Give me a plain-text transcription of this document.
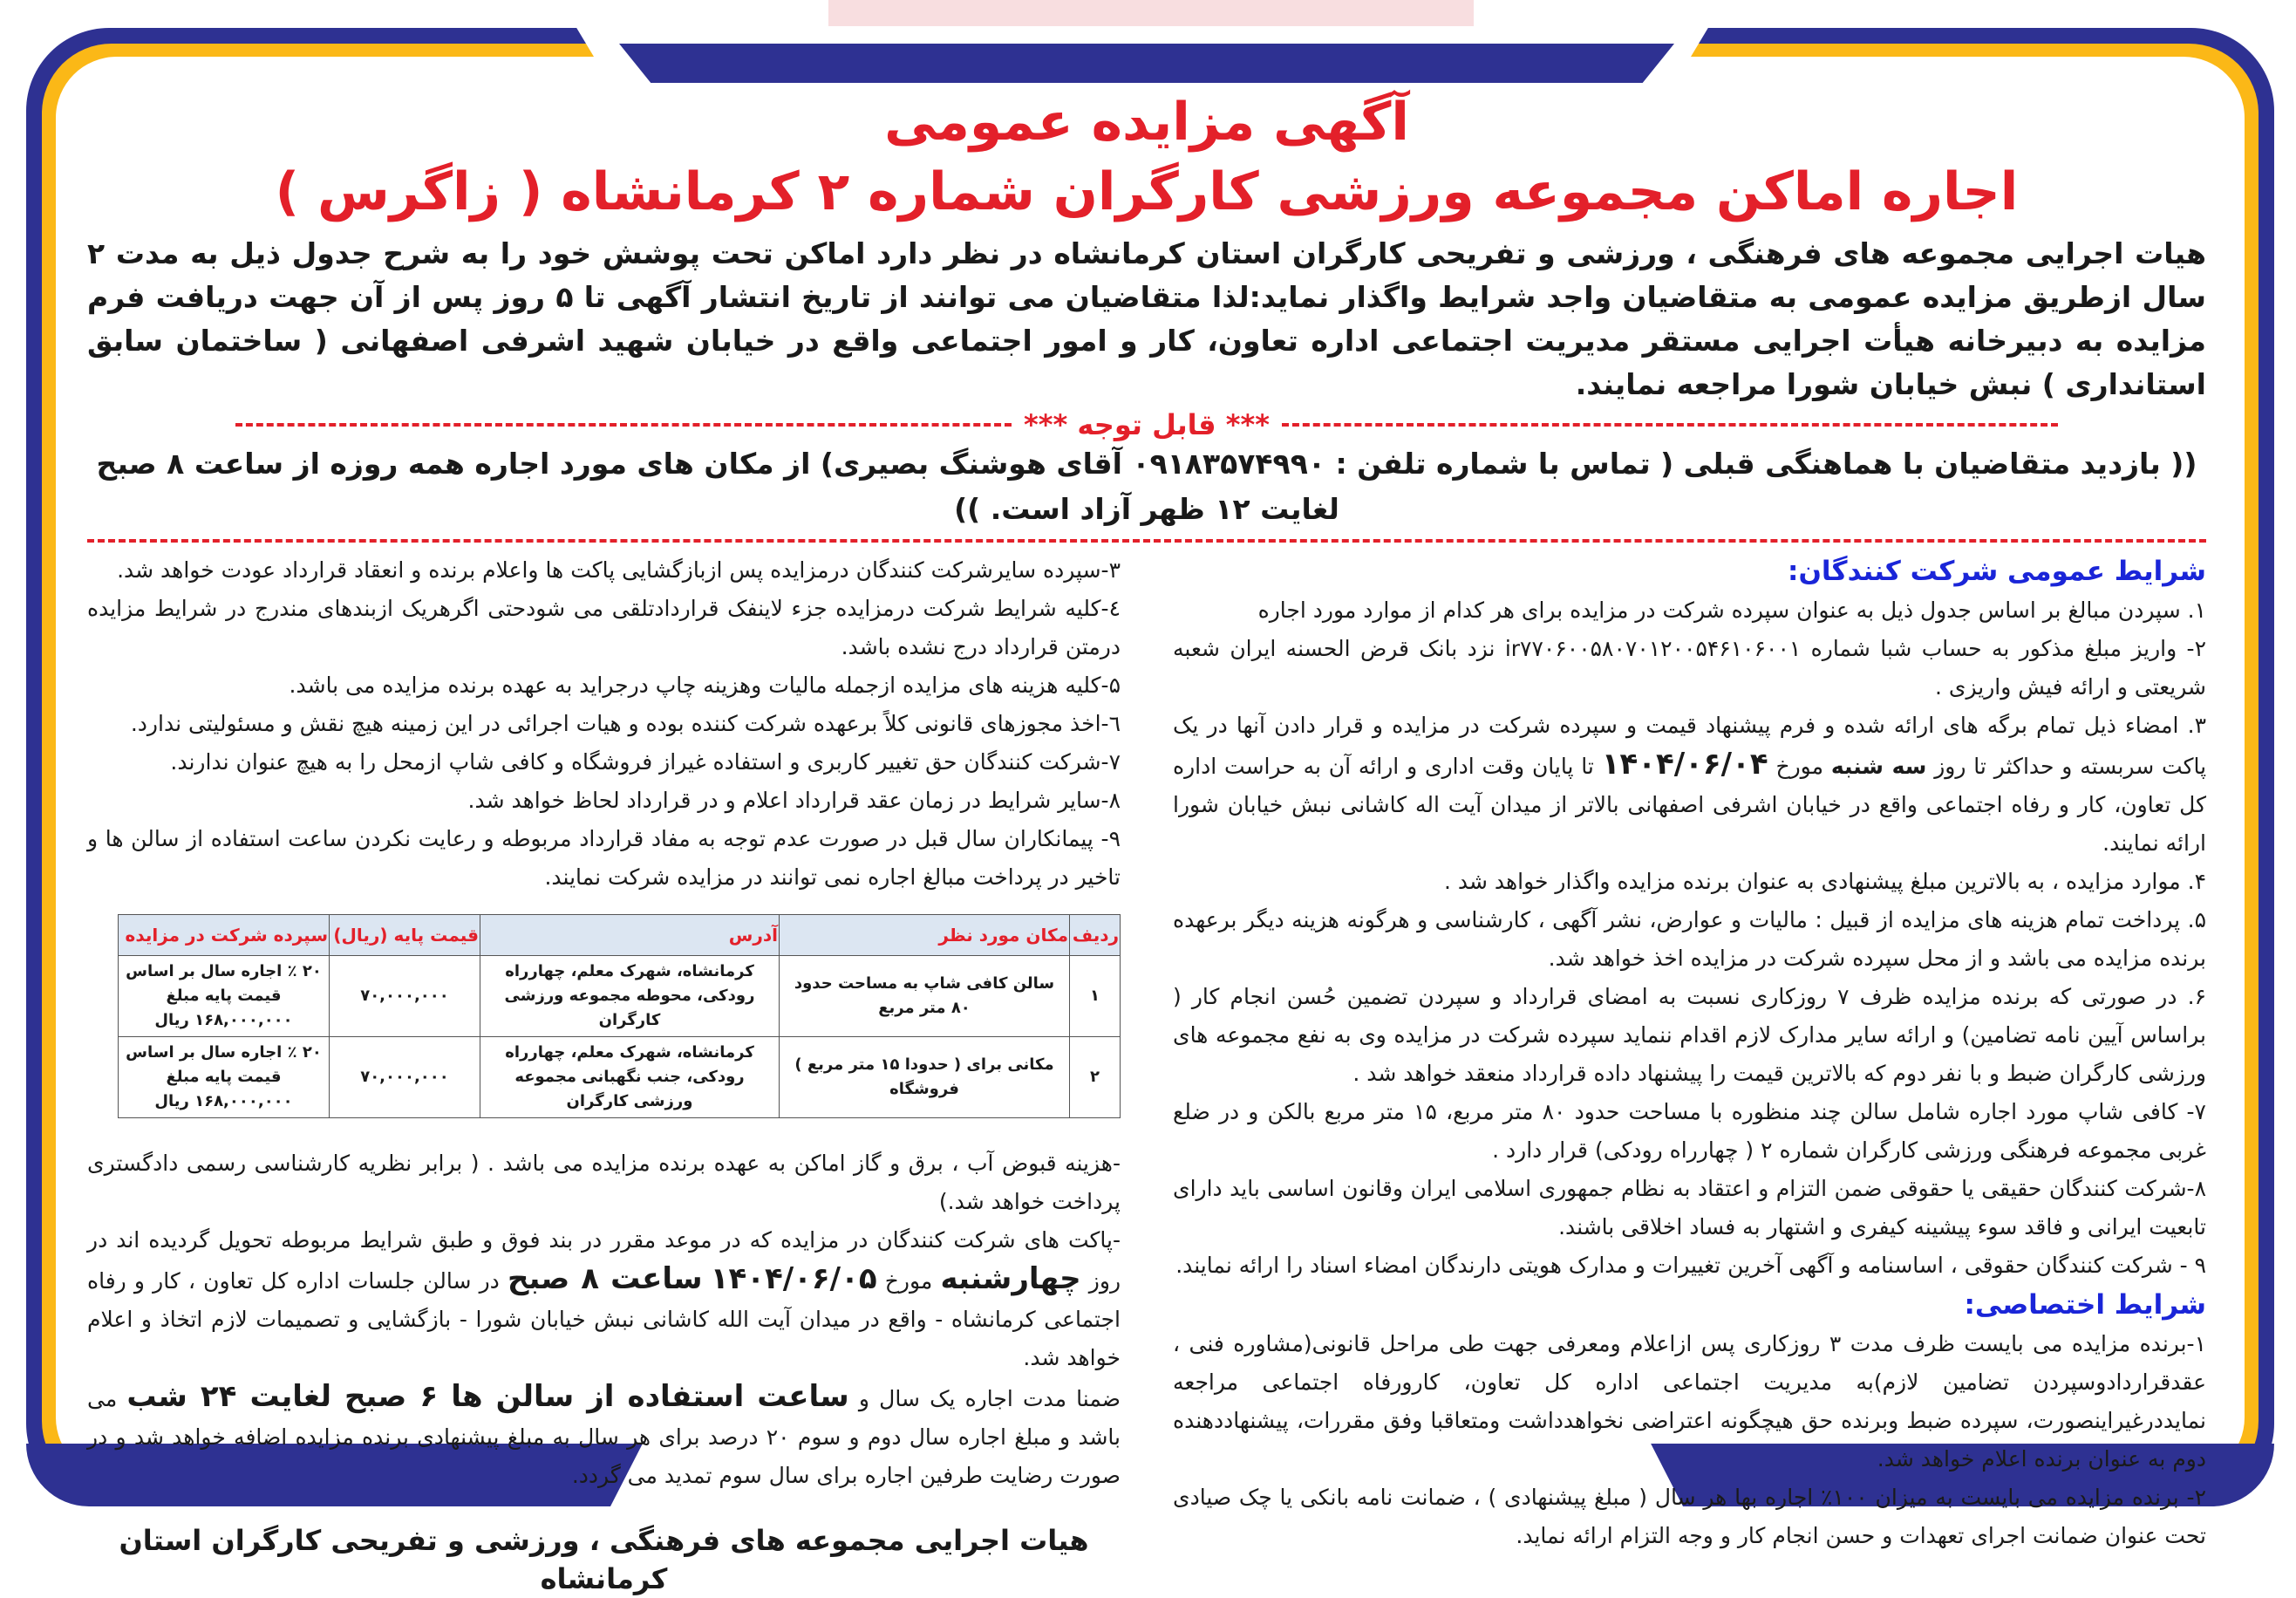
آگهی مزایده عمومی
اجاره اماکن مجموعه ورزشی کارگران شماره ۲ کرمانشاه ( زاگرس )

هیات اجرایی مجموعه های فرهنگی ، ورزشی و تفریحی کارگران استان کرمانشاه در نظر دارد اماکن تحت پوشش خود را به شرح جدول ذیل به مدت ۲ سال ازطریق مزایده عمومی به متقاضیان واجد شرایط واگذار نماید:لذا متقاضیان می توانند از تاریخ انتشار آگهی تا ۵ روز پس از آن جهت دریافت فرم مزایده به دبیرخانه هیأت اجرایی مستقر مدیریت اجتماعی اداره تعاون، کار و امور اجتماعی واقع در خیابان شهید اشرفی اصفهانی ( ساختمان سابق استانداری ) نبش خیابان شورا مراجعه نمایند.

*** قابل توجه ***

(( بازدید متقاضیان با هماهنگی قبلی ( تماس با شماره تلفن : ۰۹۱۸۳۵۷۴۹۹۰ آقای هوشنگ بصیری) از مکان های مورد اجاره همه روزه از ساعت ۸ صبح لغایت ۱۲ ظهر آزاد است. ))

شرایط عمومی شرکت کنندگان:

۱. سپردن مبالغ بر اساس جدول ذیل به عنوان سپرده شرکت در مزایده برای هر کدام از موارد مورد اجاره

۲- واریز مبلغ مذکور به حساب شبا شماره ir۷۷۰۶۰۰۵۸۰۷۰۱۲۰۰۵۴۶۱۰۶۰۰۱ نزد بانک قرض الحسنه ایران شعبه شریعتی و ارائه فیش واریزی .

۳. امضاء ذیل تمام برگه های ارائه شده و فرم پیشنهاد قیمت و سپرده شرکت در مزایده و قرار دادن آنها در یک پاکت سربسته و حداکثر تا روز سه شنبه مورخ ۱۴۰۴/۰۶/۰۴ تا پایان وقت اداری و ارائه آن به حراست اداره کل تعاون، کار و رفاه اجتماعی واقع در خیابان اشرفی اصفهانی بالاتر از میدان آیت اله کاشانی نبش خیابان شورا ارائه نمایند.

۴. موارد مزایده ، به بالاترین مبلغ پیشنهادی به عنوان برنده مزایده واگذار خواهد شد .

۵. پرداخت تمام هزینه های مزایده از قبیل : مالیات و عوارض، نشر آگهی ، کارشناسی و هرگونه هزینه دیگر برعهده برنده مزایده می باشد و از محل سپرده شرکت در مزایده اخذ خواهد شد.

۶. در صورتی که برنده مزایده ظرف ۷ روزکاری نسبت به امضای قرارداد و سپردن تضمین حُسن انجام کار ( براساس آیین نامه تضامین) و ارائه سایر مدارک لازم اقدام ننماید سپرده شرکت در مزایده وی به نفع مجموعه های ورزشی کارگران ضبط و با نفر دوم که بالاترین قیمت را پیشنهاد داده قرارداد منعقد خواهد شد .

۷- کافی شاپ مورد اجاره شامل سالن چند منظوره با مساحت حدود ۸۰ متر مربع، ۱۵ متر مربع بالکن و در ضلع غربی مجموعه فرهنگی ورزشی کارگران شماره ۲ ( چهارراه رودکی) قرار دارد .

۸-شرکت کنندگان حقیقی یا حقوقی ضمن التزام و اعتقاد به نظام جمهوری اسلامی ایران وقانون اساسی باید دارای تابعیت ایرانی و فاقد سوء پیشینه کیفری و اشتهار به فساد اخلاقی باشند.

۹ - شرکت کنندگان حقوقی ، اساسنامه و آگهی آخرین تغییرات و مدارک هویتی دارندگان امضاء اسناد را ارائه نمایند.

شرایط اختصاصی:

۱-برنده مزایده می بایست ظرف مدت ۳ روزکاری پس ازاعلام ومعرفی جهت طی مراحل قانونی(مشاوره فنی ، عقدقراردادوسپردن تضامین لازم)به مدیریت اجتماعی اداره کل تعاون، کارورفاه اجتماعی مراجعه نمایددرغیراینصورت، سپرده ضبط وبرنده حق هیچگونه اعتراضی نخواهدداشت ومتعاقبا وفق مقررات، پیشنهاددهنده دوم به عنوان برنده اعلام خواهد شد.

۲- برنده مزایده می بایست به میزان ۱۰۰٪ اجاره بها هر سال ( مبلغ پیشنهادی ) ، ضمانت نامه بانکی یا چک صیادی تحت عنوان ضمانت اجرای تعهدات و حسن انجام کار و وجه التزام ارائه نماید.

۳-سپرده سایرشرکت کنندگان درمزایده پس ازبازگشایی پاکت ها واعلام برنده و انعقاد قرارداد عودت خواهد شد.

٤-کلیه شرایط شرکت درمزایده جزء لاینفک قراردادتلقی می شودحتی اگرهریک ازبندهای مندرج در شرایط مزایده درمتن قرارداد درج نشده باشد.

۵-کلیه هزینه های مزایده ازجمله مالیات وهزینه چاپ درجراید به عهده برنده مزایده می باشد.

٦-اخذ مجوزهای قانونی کلاً برعهده شرکت کننده بوده و هیات اجرائی در این زمینه هیچ نقش و مسئولیتی ندارد.

۷-شرکت کنندگان حق تغییر کاربری و استفاده غیراز فروشگاه و کافی شاپ ازمحل را به هیچ عنوان ندارند.

۸-سایر شرایط در زمان عقد قرارداد اعلام و در قرارداد لحاظ خواهد شد.

۹- پیمانکاران سال قبل در صورت عدم توجه به مفاد قرارداد مربوطه و رعایت نکردن ساعت استفاده از سالن ها و تاخیر در پرداخت مبالغ اجاره نمی توانند در مزایده شرکت نمایند.

ردیف	مکان مورد نظر	آدرس	قیمت پایه (ریال)	سپرده شرکت در مزایده
۱	سالن کافی شاپ به مساحت حدود ۸۰ متر مربع	کرمانشاه، شهرک معلم، چهارراه رودکی، محوطه مجموعه ورزشی کارگران	۷۰,۰۰۰,۰۰۰	۲۰ ٪ اجاره سال بر اساس قیمت پایه مبلغ ۱۶۸,۰۰۰,۰۰۰ ریال
۲	مکانی برای ( حدودا ۱۵ متر مربع ) فروشگاه	کرمانشاه، شهرک معلم، چهارراه رودکی، جنب نگهبانی مجموعه ورزشی کارگران	۷۰,۰۰۰,۰۰۰	۲۰ ٪ اجاره سال بر اساس قیمت پایه مبلغ ۱۶۸,۰۰۰,۰۰۰ ریال

-هزینه قبوض آب ، برق و گاز اماکن به عهده برنده مزایده می باشد . ( برابر نظریه کارشناسی رسمی دادگستری پرداخت خواهد شد.)

-پاکت های شرکت کنندگان در مزایده که در موعد مقرر در بند فوق و طبق شرایط مربوطه تحویل گردیده اند در روز چهارشنبه مورخ ۱۴۰۴/۰۶/۰۵ ساعت ۸ صبح در سالن جلسات اداره کل تعاون ، کار و رفاه اجتماعی کرمانشاه - واقع در میدان آیت الله کاشانی نبش خیابان شورا - بازگشایی و تصمیمات لازم اتخاذ و اعلام خواهد شد.

ضمنا مدت اجاره یک سال و ساعت استفاده از سالن ها ۶ صبح لغایت ۲۴ شب می باشد و مبلغ اجاره سال دوم و سوم ۲۰ درصد برای هر سال به مبلغ پیشنهادی برنده مزایده اضافه خواهد شد و در صورت رضایت طرفین اجاره برای سال سوم تمدید می گردد.

هیات اجرایی مجموعه های فرهنگی ، ورزشی و تفریحی کارگران استان کرمانشاه
